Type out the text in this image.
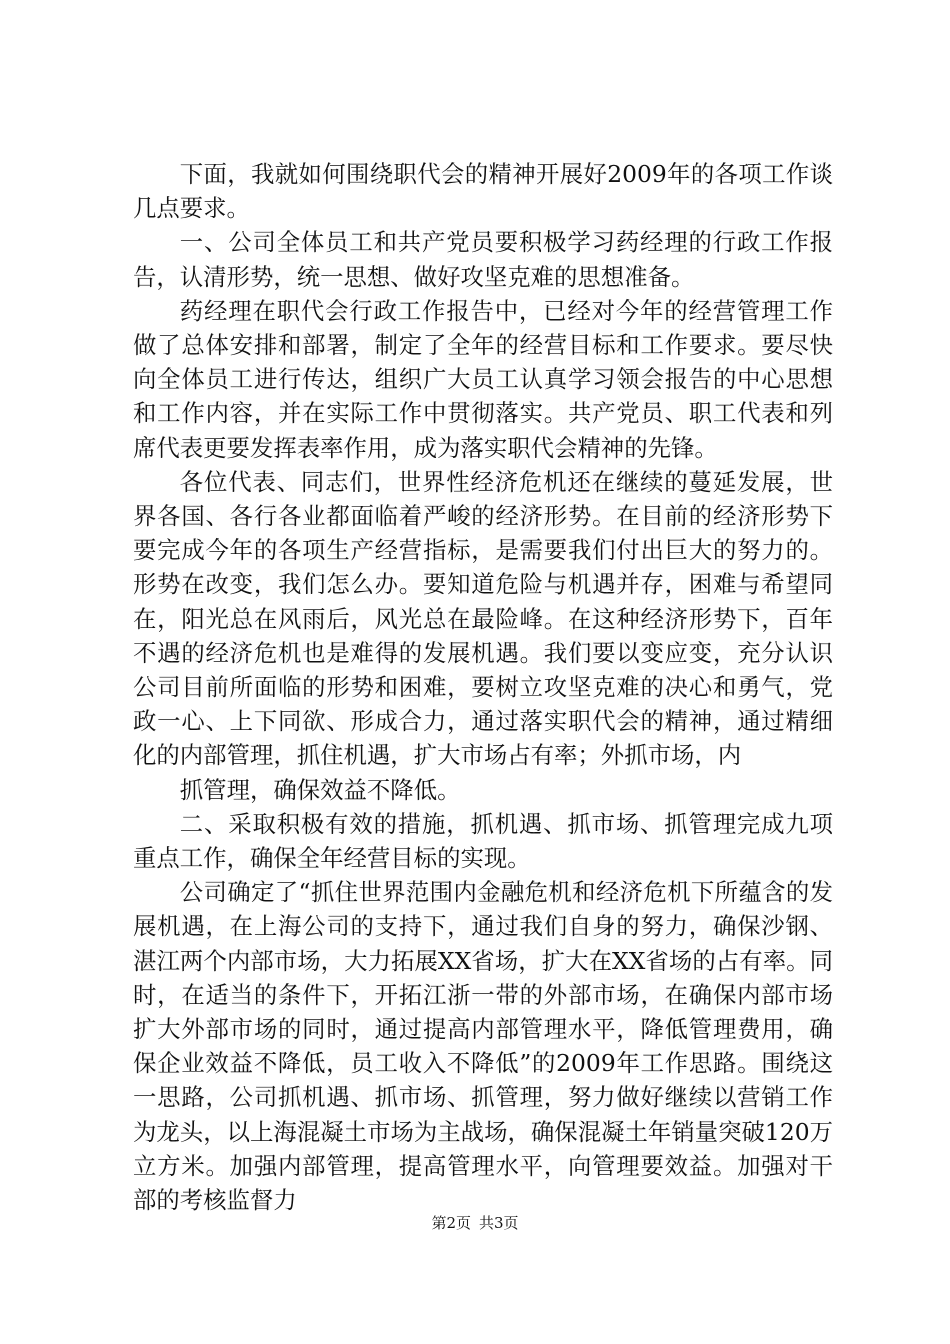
下面，我就如何围绕职代会的精神开展好2009年的各项工作谈几点要求。

一、公司全体员工和共产党员要积极学习药经理的行政工作报告，认清形势，统一思想、做好攻坚克难的思想准备。

药经理在职代会行政工作报告中，已经对今年的经营管理工作做了总体安排和部署，制定了全年的经营目标和工作要求。要尽快向全体员工进行传达，组织广大员工认真学习领会报告的中心思想和工作内容，并在实际工作中贯彻落实。共产党员、职工代表和列席代表更要发挥表率作用，成为落实职代会精神的先锋。

各位代表、同志们，世界性经济危机还在继续的蔓延发展，世界各国、各行各业都面临着严峻的经济形势。在目前的经济形势下要完成今年的各项生产经营指标，是需要我们付出巨大的努力的。形势在改变，我们怎么办。要知道危险与机遇并存，困难与希望同在，阳光总在风雨后，风光总在最险峰。在这种经济形势下，百年不遇的经济危机也是难得的发展机遇。我们要以变应变，充分认识公司目前所面临的形势和困难，要树立攻坚克难的决心和勇气，党政一心、上下同欲、形成合力，通过落实职代会的精神，通过精细化的内部管理，抓住机遇，扩大市场占有率；外抓市场，内

抓管理，确保效益不降低。

二、采取积极有效的措施，抓机遇、抓市场、抓管理完成九项重点工作，确保全年经营目标的实现。

公司确定了“抓住世界范围内金融危机和经济危机下所蕴含的发展机遇，在上海公司的支持下，通过我们自身的努力，确保沙钢、湛江两个内部市场，大力拓展XX省场，扩大在XX省场的占有率。同时，在适当的条件下，开拓江浙一带的外部市场，在确保内部市场扩大外部市场的同时，通过提高内部管理水平，降低管理费用，确保企业效益不降低，员工收入不降低”的2009年工作思路。围绕这一思路，公司抓机遇、抓市场、抓管理，努力做好继续以营销工作为龙头，以上海混凝土市场为主战场，确保混凝土年销量突破120万立方米。加强内部管理，提高管理水平，向管理要效益。加强对干部的考核监督力

第2页 共3页
